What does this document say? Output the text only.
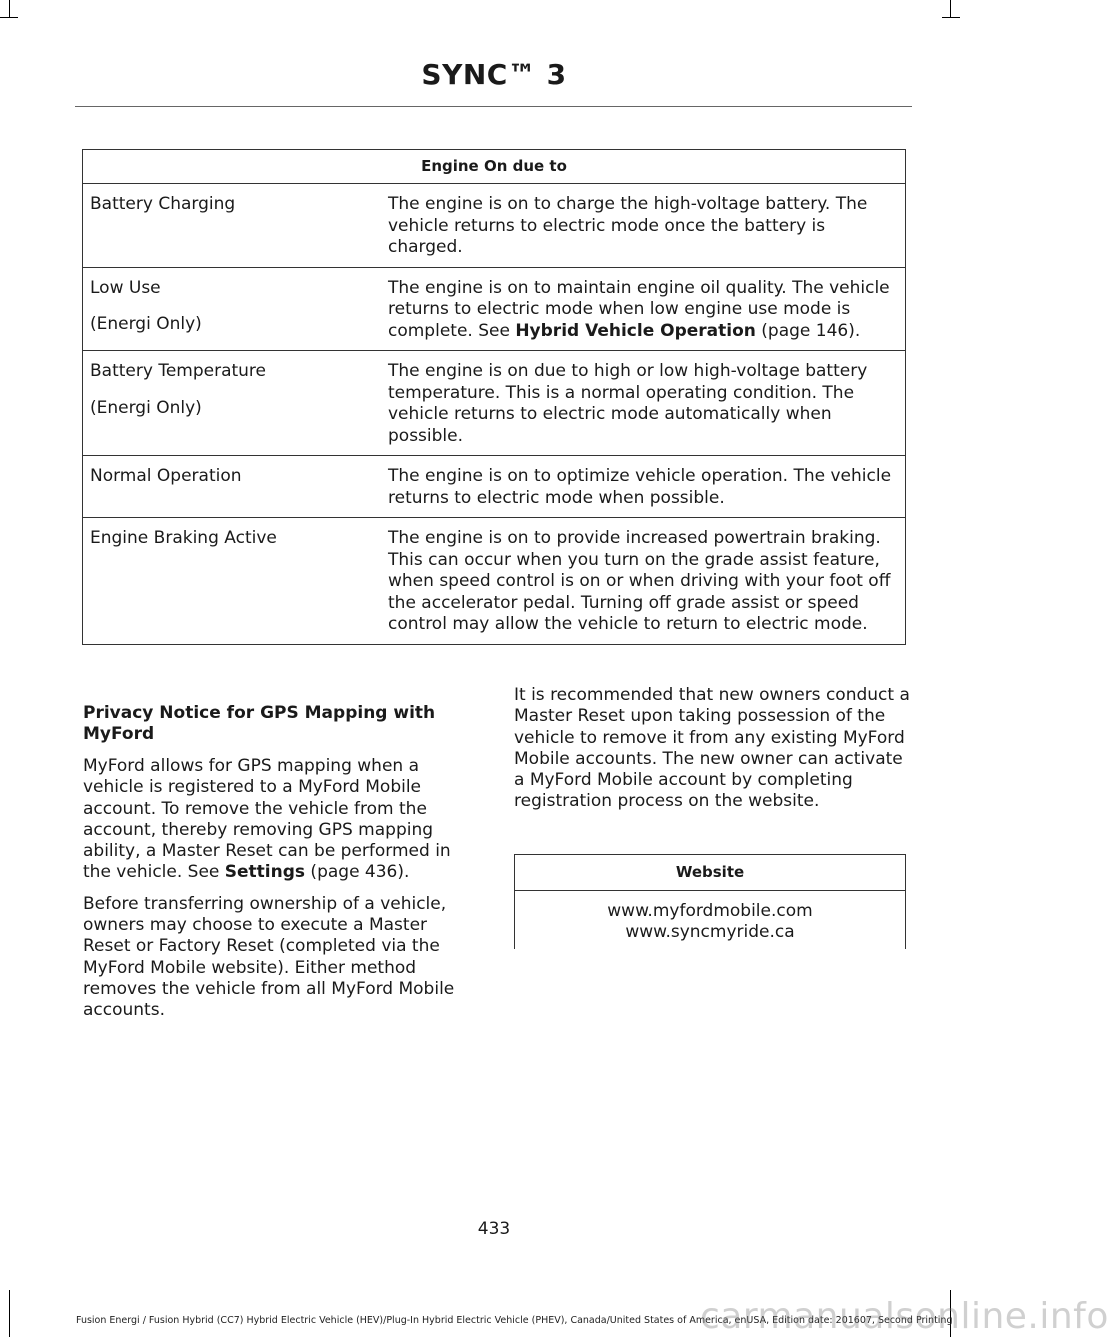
SYNC™ 3
Engine On due to	

Battery Charging	The engine is on to charge the high-voltage battery. The vehicle returns to electric mode once the battery is charged.

Low Use
(Energi Only)	The engine is on to maintain engine oil quality. The vehicle returns to electric mode when low engine use mode is complete. See Hybrid Vehicle Operation (page 146).

Battery Temperature
(Energi Only)	The engine is on due to high or low high-voltage battery temperature. This is a normal operating condition. The vehicle returns to electric mode automatically when possible.

Normal Operation	The engine is on to optimize vehicle operation. The vehicle returns to electric mode when possible.

Engine Braking Active	The engine is on to provide increased powertrain braking. This can occur when you turn on the grade assist feature, when speed control is on or when driving with your foot off the accelerator pedal. Turning off grade assist or speed control may allow the vehicle to return to electric mode.
Privacy Notice for GPS Mapping with MyFord

MyFord allows for GPS mapping when a vehicle is registered to a MyFord Mobile account. To remove the vehicle from the account, thereby removing GPS mapping ability, a Master Reset can be performed in the vehicle. See Settings (page 436).

Before transferring ownership of a vehicle, owners may choose to execute a Master Reset or Factory Reset (completed via the MyFord Mobile website). Either method removes the vehicle from all MyFord Mobile accounts.

It is recommended that new owners conduct a Master Reset upon taking possession of the vehicle to remove it from any existing MyFord Mobile accounts. The new owner can activate a MyFord Mobile account by completing registration process on the website.

Website

www.myfordmobile.com
www.syncmyride.ca
433
Fusion Energi / Fusion Hybrid (CC7) Hybrid Electric Vehicle (HEV)/Plug-In Hybrid Electric Vehicle (PHEV), Canada/United States of America, enUSA, Edition date: 201607, Second Printing
carmanualsonline.info
